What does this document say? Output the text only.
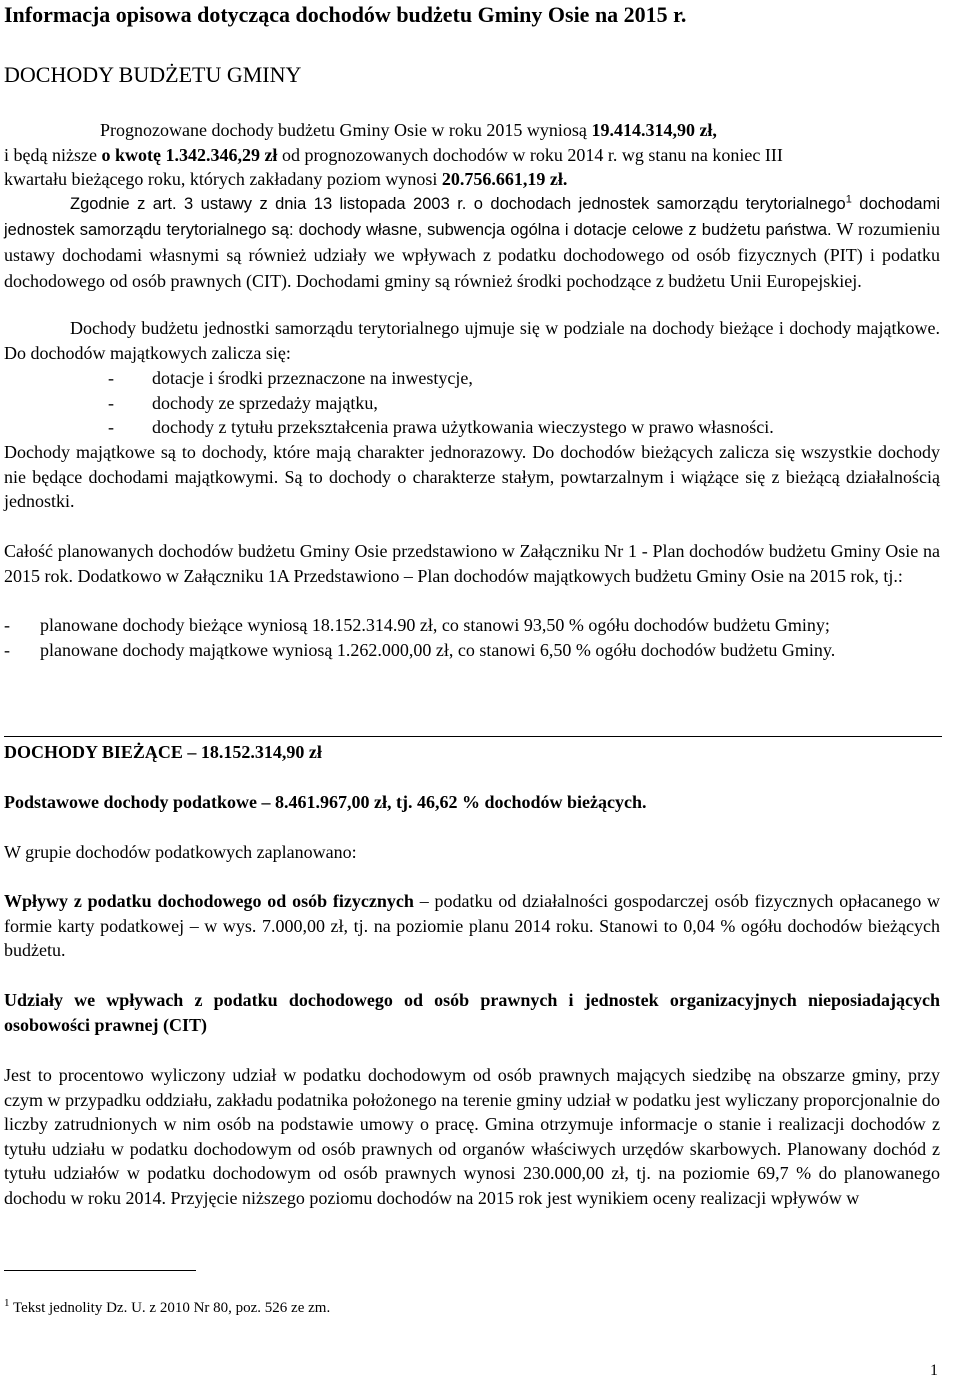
Informacja opisowa dotycząca dochodów budżetu Gminy Osie na 2015 r.
DOCHODY BUDŻETU GMINY

Prognozowane dochody budżetu Gminy Osie w roku 2015 wyniosą 19.414.314,90 zł,

i będą niższe o kwotę 1.342.346,29 zł od prognozowanych dochodów w roku 2014 r. wg stanu na koniec III

kwartału bieżącego roku, których zakładany poziom wynosi 20.756.661,19 zł.

Zgodnie z art. 3 ustawy z dnia 13 listopada 2003 r. o dochodach jednostek samorządu terytorialnego$^1$ dochodami jednostek samorządu terytorialnego są: dochody własne, subwencja ogólna i dotacje celowe z budżetu państwa. W rozumieniu ustawy dochodami własnymi są również udziały we wpływach z podatku dochodowego od osób fizycznych (PIT) i podatku dochodowego od osób prawnych (CIT). Dochodami gminy są również środki pochodzące z budżetu Unii Europejskiej.
Dochody budżetu jednostki samorządu terytorialnego ujmuje się w podziale na dochody bieżące i dochody majątkowe. Do dochodów majątkowych zalicza się:
-	dotacje i środki przeznaczone na inwestycje,
-	dochody ze sprzedaży majątku,
-	dochody z tytułu przekształcenia prawa użytkowania wieczystego w prawo własności.
Dochody majątkowe są to dochody, które mają charakter jednorazowy. Do dochodów bieżących zalicza się wszystkie dochody nie będące dochodami majątkowymi. Są to dochody o charakterze stałym, powtarzalnym i wiążące się z bieżącą działalnością jednostki.
Całość planowanych dochodów budżetu Gminy Osie przedstawiono w Załączniku Nr 1 - Plan dochodów budżetu Gminy Osie na 2015 rok. Dodatkowo w Załączniku 1A Przedstawiono – Plan dochodów majątkowych budżetu Gminy Osie na 2015 rok, tj.:
-	planowane dochody bieżące wyniosą 18.152.314.90 zł, co stanowi 93,50 % ogółu dochodów budżetu Gminy;
-	planowane dochody majątkowe wyniosą 1.262.000,00 zł, co stanowi 6,50 % ogółu dochodów budżetu Gminy.
DOCHODY BIEŻĄCE – 18.152.314,90 zł
Podstawowe dochody podatkowe – 8.461.967,00 zł, tj. 46,62 % dochodów bieżących.
W grupie dochodów podatkowych zaplanowano:
Wpływy z podatku dochodowego od osób fizycznych – podatku od działalności gospodarczej osób fizycznych opłacanego w formie karty podatkowej – w wys. 7.000,00 zł, tj. na poziomie planu 2014 roku. Stanowi to 0,04 % ogółu dochodów bieżących budżetu.
Udziały we wpływach z podatku dochodowego od osób prawnych i jednostek organizacyjnych nieposiadających osobowości prawnej (CIT)
Jest to procentowo wyliczony udział w podatku dochodowym od osób prawnych mających siedzibę na obszarze gminy, przy czym w przypadku oddziału, zakładu podatnika położonego na terenie gminy udział w podatku jest wyliczany proporcjonalnie do liczby zatrudnionych w nim osób na podstawie umowy o pracę. Gmina otrzymuje informacje o stanie i realizacji dochodów z tytułu udziału w podatku dochodowym od osób prawnych od organów właściwych urzędów skarbowych. Planowany dochód z tytułu udziałów w podatku dochodowym od osób prawnych wynosi 230.000,00 zł, tj. na poziomie 69,7 % do planowanego dochodu w roku 2014. Przyjęcie niższego poziomu dochodów na 2015 rok jest wynikiem oceny realizacji wpływów w
$^1$ Tekst jednolity Dz. U. z 2010 Nr 80, poz. 526 ze zm.
1
